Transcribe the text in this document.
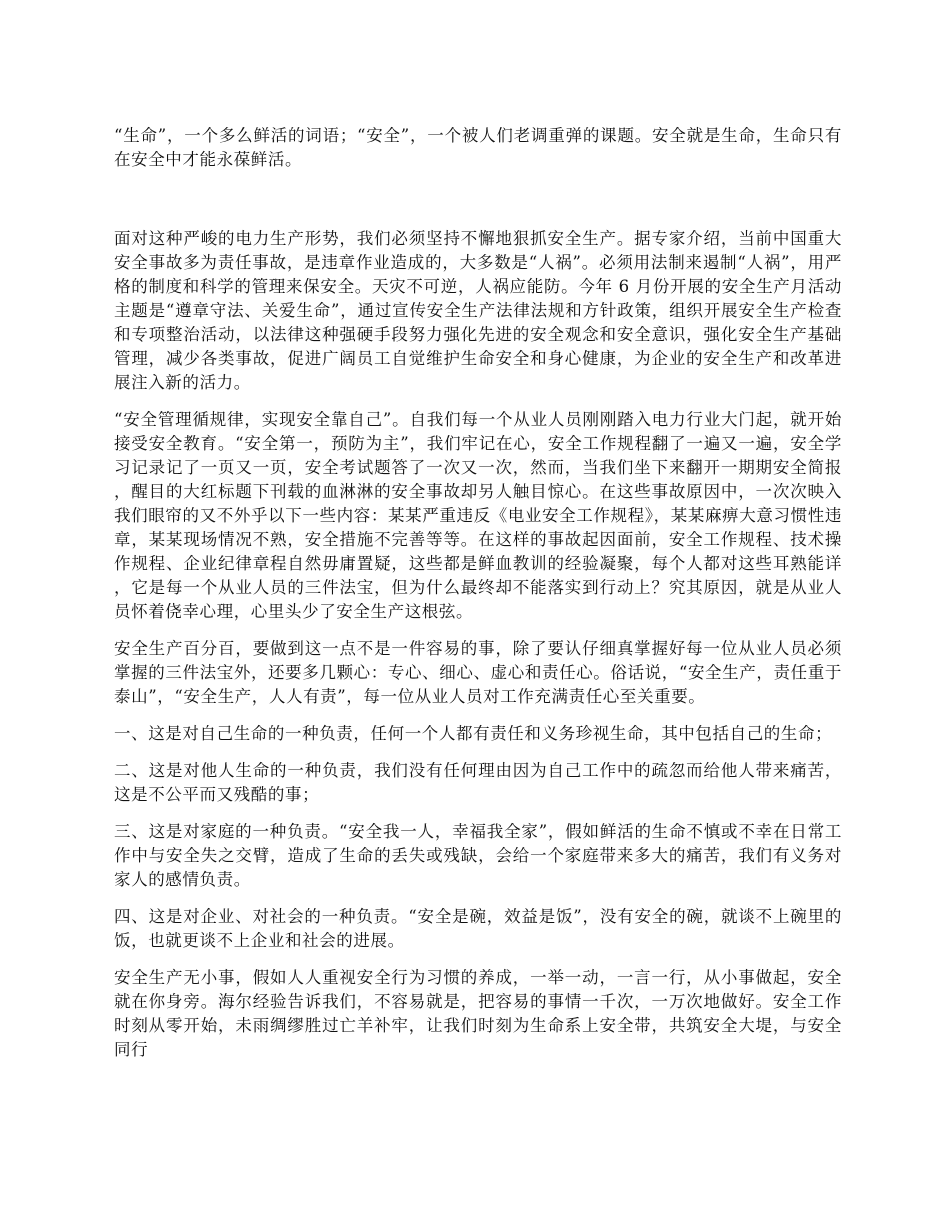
“生命”，一个多么鲜活的词语；“安全”，一个被人们老调重弹的课题。安全就是生命，生命只有在安全中才能永葆鲜活。

面对这种严峻的电力生产形势，我们必须坚持不懈地狠抓安全生产。据专家介绍，当前中国重大安全事故多为责任事故，是违章作业造成的，大多数是“人祸”。必须用法制来遏制“人祸”，用严格的制度和科学的管理来保安全。天灾不可逆，人祸应能防。今年 6 月份开展的安全生产月活动主题是“遵章守法、关爱生命”，通过宣传安全生产法律法规和方针政策，组织开展安全生产检查和专项整治活动，以法律这种强硬手段努力强化先进的安全观念和安全意识，强化安全生产基础管理，减少各类事故，促进广阔员工自觉维护生命安全和身心健康，为企业的安全生产和改革进展注入新的活力。

“安全管理循规律，实现安全靠自己”。自我们每一个从业人员刚刚踏入电力行业大门起，就开始接受安全教育。“安全第一，预防为主”，我们牢记在心，安全工作规程翻了一遍又一遍，安全学习记录记了一页又一页，安全考试题答了一次又一次，然而，当我们坐下来翻开一期期安全简报，醒目的大红标题下刊载的血淋淋的安全事故却另人触目惊心。在这些事故原因中，一次次映入我们眼帘的又不外乎以下一些内容：某某严重违反《电业安全工作规程》，某某麻痹大意习惯性违章，某某现场情况不熟，安全措施不完善等等。在这样的事故起因面前，安全工作规程、技术操作规程、企业纪律章程自然毋庸置疑，这些都是鲜血教训的经验凝聚，每个人都对这些耳熟能详，它是每一个从业人员的三件法宝，但为什么最终却不能落实到行动上？究其原因，就是从业人员怀着侥幸心理，心里头少了安全生产这根弦。

安全生产百分百，要做到这一点不是一件容易的事，除了要认仔细真掌握好每一位从业人员必须掌握的三件法宝外，还要多几颗心：专心、细心、虚心和责任心。俗话说，“安全生产，责任重于泰山”，“安全生产，人人有责”，每一位从业人员对工作充满责任心至关重要。

一、这是对自己生命的一种负责，任何一个人都有责任和义务珍视生命，其中包括自己的生命；

二、这是对他人生命的一种负责，我们没有任何理由因为自己工作中的疏忽而给他人带来痛苦，这是不公平而又残酷的事；

三、这是对家庭的一种负责。“安全我一人，幸福我全家”，假如鲜活的生命不慎或不幸在日常工作中与安全失之交臂，造成了生命的丢失或残缺，会给一个家庭带来多大的痛苦，我们有义务对家人的感情负责。

四、这是对企业、对社会的一种负责。“安全是碗，效益是饭”，没有安全的碗，就谈不上碗里的饭，也就更谈不上企业和社会的进展。

安全生产无小事，假如人人重视安全行为习惯的养成，一举一动，一言一行，从小事做起，安全就在你身旁。海尔经验告诉我们，不容易就是，把容易的事情一千次，一万次地做好。安全工作时刻从零开始，未雨绸缪胜过亡羊补牢，让我们时刻为生命系上安全带，共筑安全大堤，与安全同行
